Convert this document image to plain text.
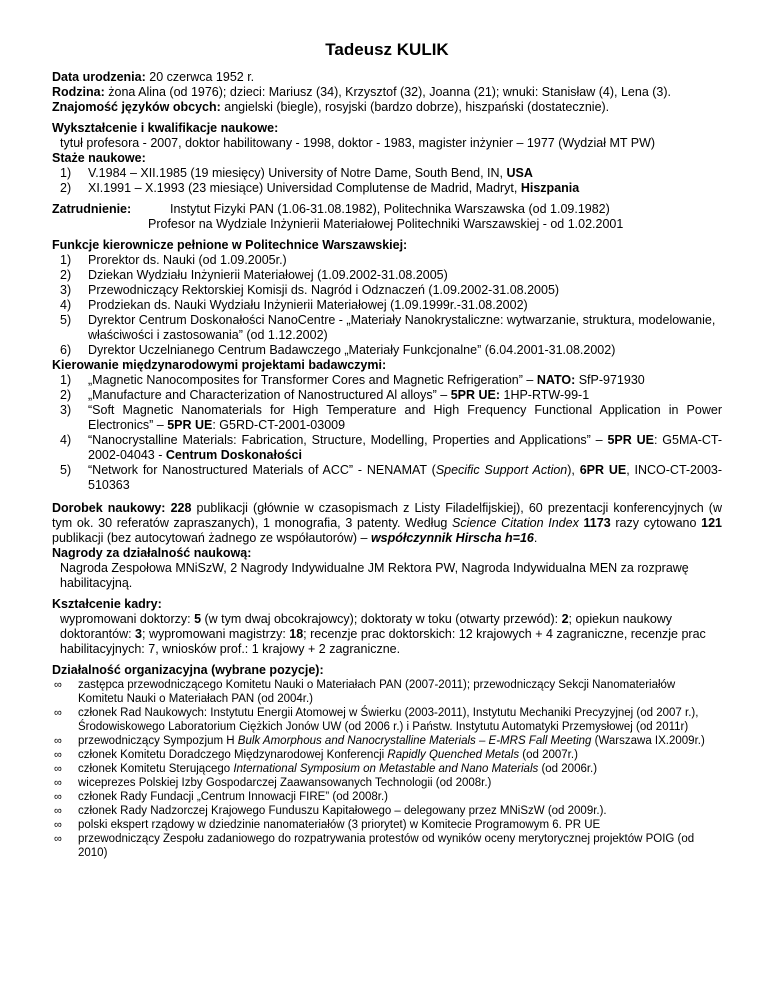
Tadeusz KULIK

Data urodzenia: 20 czerwca 1952 r.

Rodzina: żona Alina (od 1976); dzieci: Mariusz (34), Krzysztof (32), Joanna (21); wnuki: Stanisław (4), Lena (3).

Znajomość języków obcych: angielski (biegle), rosyjski (bardzo dobrze), hiszpański (dostatecznie).

Wykształcenie i kwalifikacje naukowe:

tytuł profesora - 2007, doktor habilitowany - 1998, doktor - 1983, magister inżynier – 1977 (Wydział MT PW)

Staże naukowe:

1)	V.1984 – XII.1985 (19 miesięcy) University of Notre Dame, South Bend, IN, USA
2)	XI.1991 – X.1993 (23 miesiące) Universidad Complutense de Madrid, Madryt, Hiszpania
Zatrudnienie:	Instytut Fizyki PAN (1.06-31.08.1982), Politechnika Warszawska (od 1.09.1982)
Profesor na Wydziale Inżynierii Materiałowej Politechniki Warszawskiej - od 1.02.2001

Funkcje kierownicze pełnione w Politechnice Warszawskiej:

1)	Prorektor ds. Nauki (od 1.09.2005r.)
2)	Dziekan Wydziału Inżynierii Materiałowej (1.09.2002-31.08.2005)
3)	Przewodniczący Rektorskiej Komisji ds. Nagród i Odznaczeń (1.09.2002-31.08.2005)
4)	Prodziekan ds. Nauki Wydziału Inżynierii Materiałowej (1.09.1999r.-31.08.2002)
5)	Dyrektor Centrum Doskonałości NanoCentre - „Materiały Nanokrystaliczne: wytwarzanie, struktura, modelowanie, właściwości i zastosowania” (od 1.12.2002)
6)	Dyrektor Uczelnianego Centrum Badawczego „Materiały Funkcjonalne” (6.04.2001-31.08.2002)

Kierowanie międzynarodowymi projektami badawczymi:

1)	„Magnetic Nanocomposites for Transformer Cores and Magnetic Refrigeration” – NATO: SfP-971930
2)	„Manufacture and Characterization of Nanostructured Al alloys” – 5PR UE: 1HP-RTW-99-1
3)	“Soft Magnetic Nanomaterials for High Temperature and High Frequency Functional Application in Power Electronics” – 5PR UE: G5RD-CT-2001-03009
4)	“Nanocrystalline Materials: Fabrication, Structure, Modelling, Properties and Applications” – 5PR UE: G5MA-CT-2002-04043 - Centrum Doskonałości
5)	“Network for Nanostructured Materials of ACC” - NENAMAT (Specific Support Action), 6PR UE, INCO-CT-2003-510363

Dorobek naukowy: 228 publikacji (głównie w czasopismach z Listy Filadelfijskiej), 60 prezentacji konferencyjnych (w tym ok. 30 referatów zapraszanych), 1 monografia, 3 patenty. Według Science Citation Index 1173 razy cytowano 121 publikacji (bez autocytowań żadnego ze współautorów) – współczynnik Hirscha h=16.

Nagrody za działalność naukową:

Nagroda Zespołowa MNiSzW, 2 Nagrody Indywidualne JM Rektora PW, Nagroda Indywidualna MEN za rozprawę habilitacyjną.

Kształcenie kadry:

wypromowani doktorzy: 5 (w tym dwaj obcokrajowcy); doktoraty w toku (otwarty przewód): 2; opiekun naukowy doktorantów: 3; wypromowani magistrzy: 18; recenzje prac doktorskich: 12 krajowych + 4 zagraniczne, recenzje prac habilitacyjnych: 7, wniosków prof.: 1 krajowy + 2 zagraniczne.

Działalność organizacyjna (wybrane pozycje):

∞	zastępca przewodniczącego Komitetu Nauki o Materiałach PAN (2007-2011); przewodniczący Sekcji Nanomateriałów Komitetu Nauki o Materiałach PAN (od 2004r.)
∞	członek Rad Naukowych: Instytutu Energii Atomowej w Świerku (2003-2011), Instytutu Mechaniki Precyzyjnej (od 2007 r.), Środowiskowego Laboratorium Ciężkich Jonów UW (od 2006 r.) i Państw. Instytutu Automatyki Przemysłowej (od 2011r)
∞	przewodniczący Sympozjum H Bulk Amorphous and Nanocrystalline Materials – E-MRS Fall Meeting (Warszawa IX.2009r.)
∞	członek Komitetu Doradczego Międzynarodowej Konferencji Rapidly Quenched Metals (od 2007r.)
∞	członek Komitetu Sterującego International Symposium on Metastable and Nano Materials (od 2006r.)
∞	wiceprezes Polskiej Izby Gospodarczej Zaawansowanych Technologii (od 2008r.)
∞	członek Rady Fundacji „Centrum Innowacji FIRE” (od 2008r.)
∞	członek Rady Nadzorczej Krajowego Funduszu Kapitałowego – delegowany przez MNiSzW (od 2009r.).
∞	polski ekspert rządowy w dziedzinie nanomateriałów (3 priorytet) w Komitecie Programowym 6. PR UE
∞	przewodniczący Zespołu zadaniowego do rozpatrywania protestów od wyników oceny merytorycznej projektów POIG (od 2010)
